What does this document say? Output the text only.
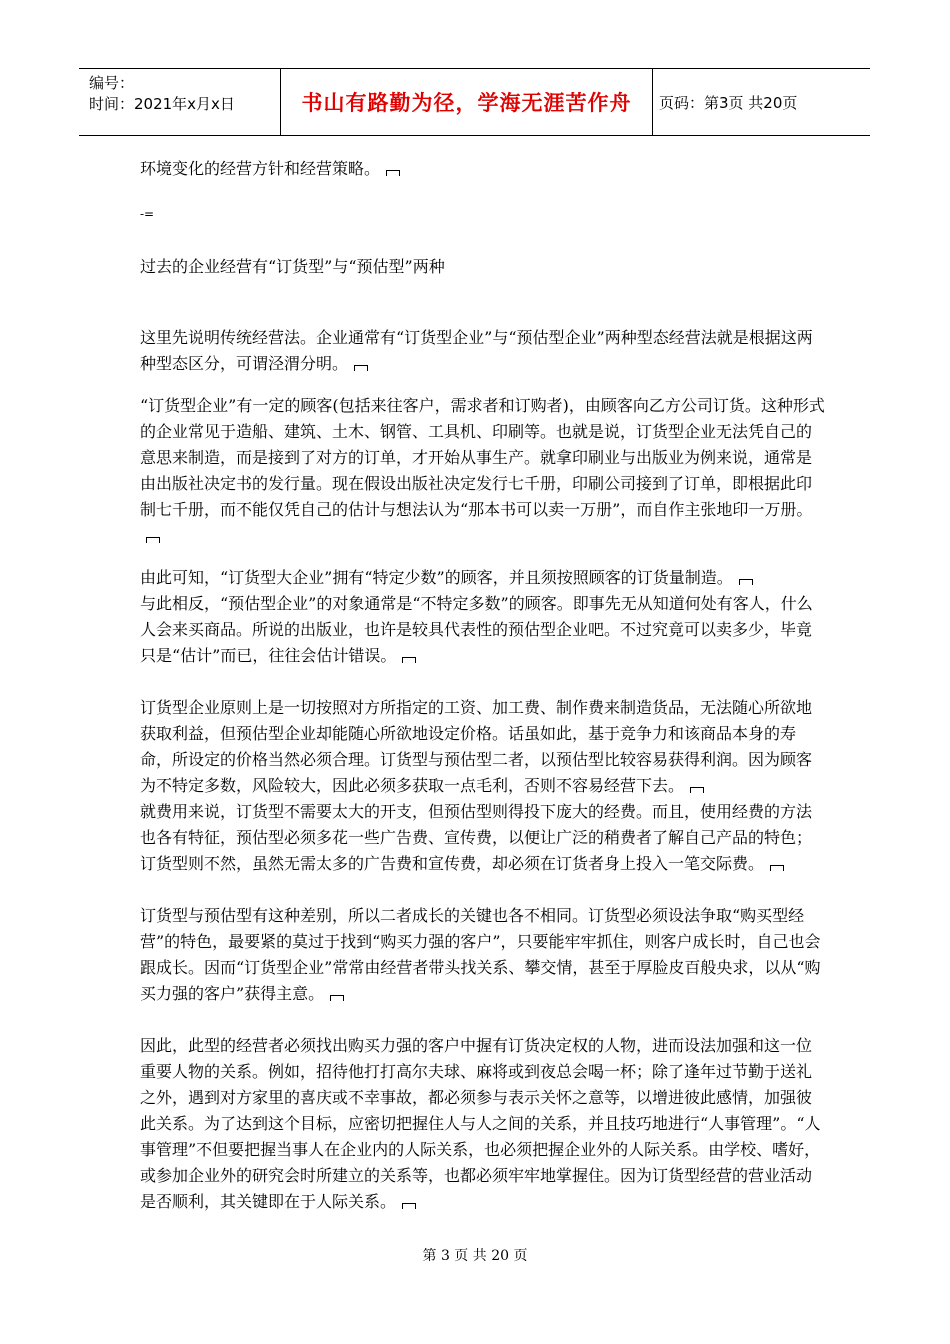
编号：
时间：2021年x月x日	书山有路勤为径，学海无涯苦作舟 页码：第3页 共20页

环境变化的经营方针和经营策略。

-=

过去的企业经营有“订货型”与“预估型”两种

这里先说明传统经营法。企业通常有“订货型企业”与“预估型企业”两种型态经营法就是根据这两种型态区分，可谓泾渭分明。

“订货型企业”有一定的顾客(包括来往客户，需求者和订购者)，由顾客向乙方公司订货。这种形式的企业常见于造船、建筑、土木、钢管、工具机、印刷等。也就是说，订货型企业无法凭自己的意思来制造，而是接到了对方的订单，才开始从事生产。就拿印刷业与出版业为例来说，通常是由出版社决定书的发行量。现在假设出版社决定发行七千册，印刷公司接到了订单，即根据此印制七千册，而不能仅凭自己的估计与想法认为“那本书可以卖一万册”，而自作主张地印一万册。

由此可知，“订货型大企业”拥有“特定少数”的顾客，并且须按照顾客的订货量制造。

与此相反，“预估型企业”的对象通常是“不特定多数”的顾客。即事先无从知道何处有客人，什么人会来买商品。所说的出版业，也许是较具代表性的预估型企业吧。不过究竟可以卖多少，毕竟只是“估计”而已，往往会估计错误。

订货型企业原则上是一切按照对方所指定的工资、加工费、制作费来制造货品，无法随心所欲地获取利益，但预估型企业却能随心所欲地设定价格。话虽如此，基于竞争力和该商品本身的寿命，所设定的价格当然必须合理。订货型与预估型二者，以预估型比较容易获得利润。因为顾客为不特定多数，风险较大，因此必须多获取一点毛利，否则不容易经营下去。

就费用来说，订货型不需要太大的开支，但预估型则得投下庞大的经费。而且，使用经费的方法也各有特征，预估型必须多花一些广告费、宣传费，以便让广泛的稍费者了解自己产品的特色；订货型则不然，虽然无需太多的广告费和宣传费，却必须在订货者身上投入一笔交际费。

订货型与预估型有这种差别，所以二者成长的关键也各不相同。订货型必须设法争取“购买型经营”的特色，最要紧的莫过于找到“购买力强的客户”，只要能牢牢抓住，则客户成长时，自己也会跟成长。因而“订货型企业”常常由经营者带头找关系、攀交情，甚至于厚脸皮百般央求，以从“购买力强的客户”获得主意。

因此，此型的经营者必须找出购买力强的客户中握有订货决定权的人物，进而设法加强和这一位重要人物的关系。例如，招待他打打高尔夫球、麻将或到夜总会喝一杯；除了逢年过节勤于送礼之外，遇到对方家里的喜庆或不幸事故，都必须参与表示关怀之意等，以增进彼此感情，加强彼此关系。为了达到这个目标，应密切把握住人与人之间的关系，并且技巧地进行“人事管理”。“人事管理”不但要把握当事人在企业内的人际关系，也必须把握企业外的人际关系。由学校、嗜好，或参加企业外的研究会时所建立的关系等，也都必须牢牢地掌握住。因为订货型经营的营业活动是否顺利，其关键即在于人际关系。

第 3 页 共 20 页
